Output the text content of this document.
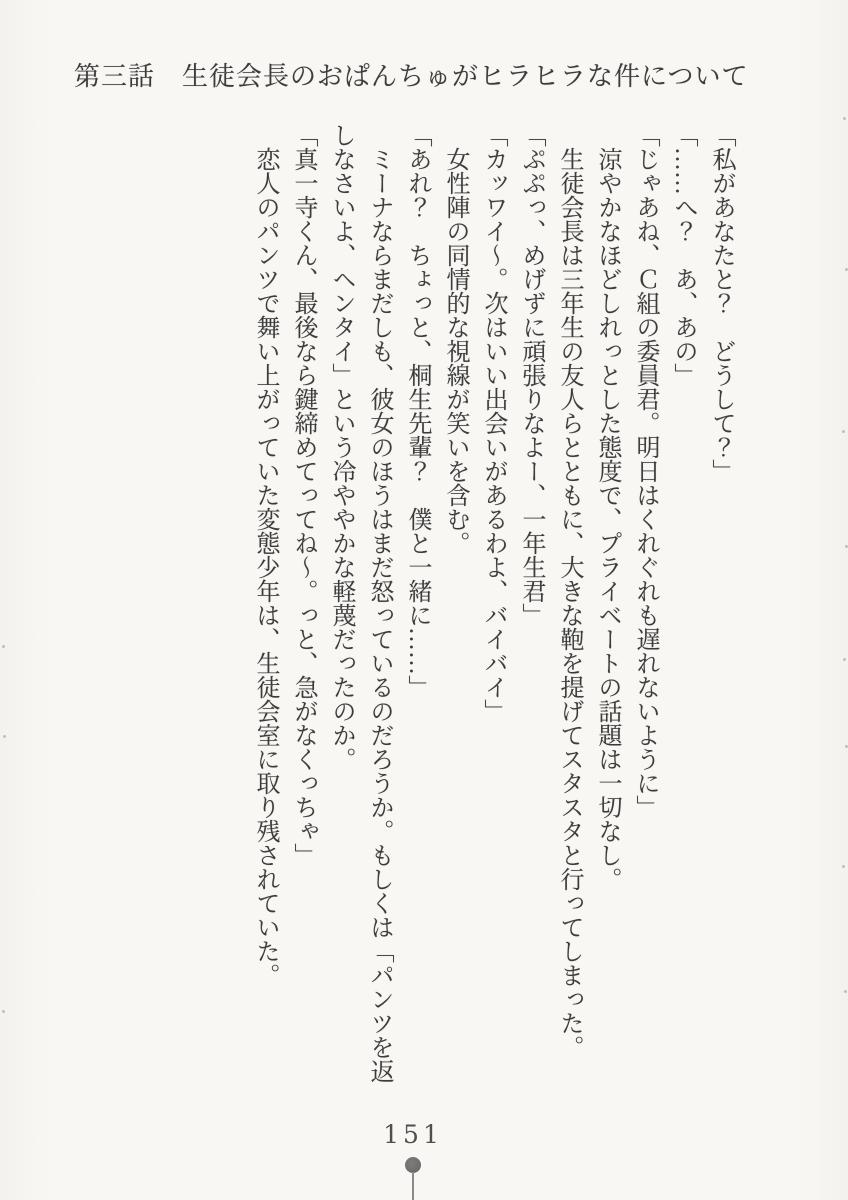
第三話　生徒会長のおぱんちゅがヒラヒラな件について

「私があなたと？　どうして？」

「……へ？　あ、あの」

「じゃあね、Ｃ組の委員君。明日はくれぐれも遅れないように」

涼やかなほどしれっとした態度で、プライベートの話題は一切なし。

生徒会長は三年生の友人らとともに、大きな鞄を提げてスタスタと行ってしまった。

「ぷぷっ、めげずに頑張りなよー、一年生君」

「カッワイ〜。次はいい出会いがあるわよ、バイバイ」

女性陣の同情的な視線が笑いを含む。

「あれ？　ちょっと、桐生先輩？　僕と一緒に……」

ミーナならまだしも、彼女のほうはまだ怒っているのだろうか。もしくは「パンツを返しなさいよ、ヘンタイ」という冷ややかな軽蔑だったのか。

「真一寺くん、最後なら鍵締めてってね〜。っと、急がなくっちゃ」

恋人のパンツで舞い上がっていた変態少年は、生徒会室に取り残されていた。

151
